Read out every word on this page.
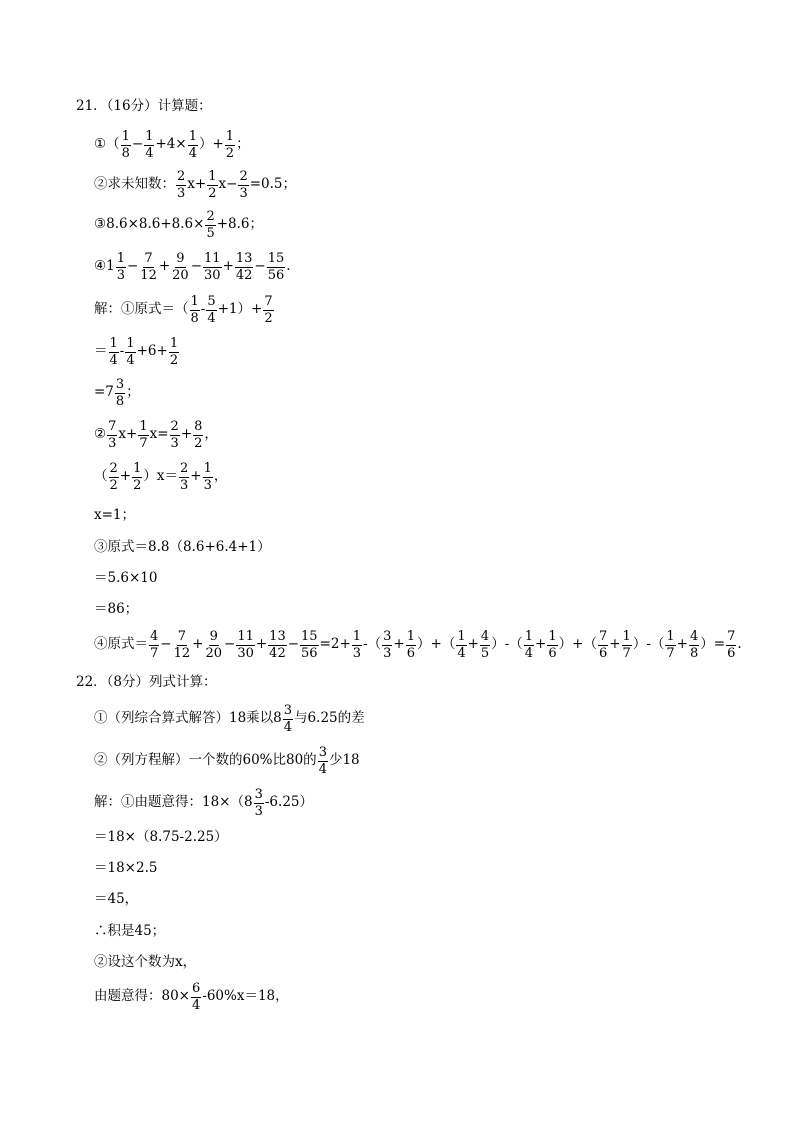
21．（16分）计算题：
①（ $\frac{1}{8} - \frac{1}{4} +4\times \frac{1}{4}$ ）+ $\frac{1}{2}$ ；
②求未知数： $\frac{2}{3} x+ \frac{1}{2} x- \frac{2}{3} =0.5$；
③8.6×8.6+8.6× $\frac{2}{5} +8.6$；
④1 $\frac{1}{3} - \frac{7}{12} + \frac{9}{20} - \frac{11}{30} + \frac{13}{42} - \frac{15}{56}$ .
解：①原式＝（ $\frac{1}{8} - \frac{5}{4} +1)+ \frac{7}{2}$
＝ $\frac{1}{4} - \frac{1}{4} +6+ \frac{1}{2}$
$=7 \frac{3}{8}$ ；
② $\frac{7}{3} x+ \frac{1}{7} x= \frac{2}{3} + \frac{8}{2}$ ，
（ $\frac{2}{2} + \frac{1}{2} )x= \frac{2}{3} + \frac{1}{3}$ ，
x=1；
③原式＝8.8（8.6+6.4+1）
＝5.6×10
＝86；
④原式＝ $\frac{4}{7} - \frac{7}{12} + \frac{9}{20} - \frac{11}{30} + \frac{13}{42} - \frac{15}{56} =2+ \frac{1}{3}$ -（ $\frac{3}{3} + \frac{1}{6}$ ）+（ $\frac{1}{4} + \frac{4}{5}$ ）-（ $\frac{1}{4} + \frac{1}{6}$ ）+（ $\frac{7}{6} + \frac{1}{7}$ ）-（ $\frac{1}{7} + \frac{4}{8}$ ）= $\frac{7}{6}$ .
22．（8分）列式计算：
①（列综合算式解答）18乘以$8 \frac{3}{4}$ 与6.25的差
②（列方程解）一个数的60%比80的 $\frac{3}{4}$ 少18
解：①由题意得：$18\times(8 \frac{3}{3} -6.25)$
＝18×（8.75-2.25）
＝18×2.5
＝45，
∴积是45；
②设这个数为x，
由题意得：$80\times \frac{6}{4} -60\%x=18$，
